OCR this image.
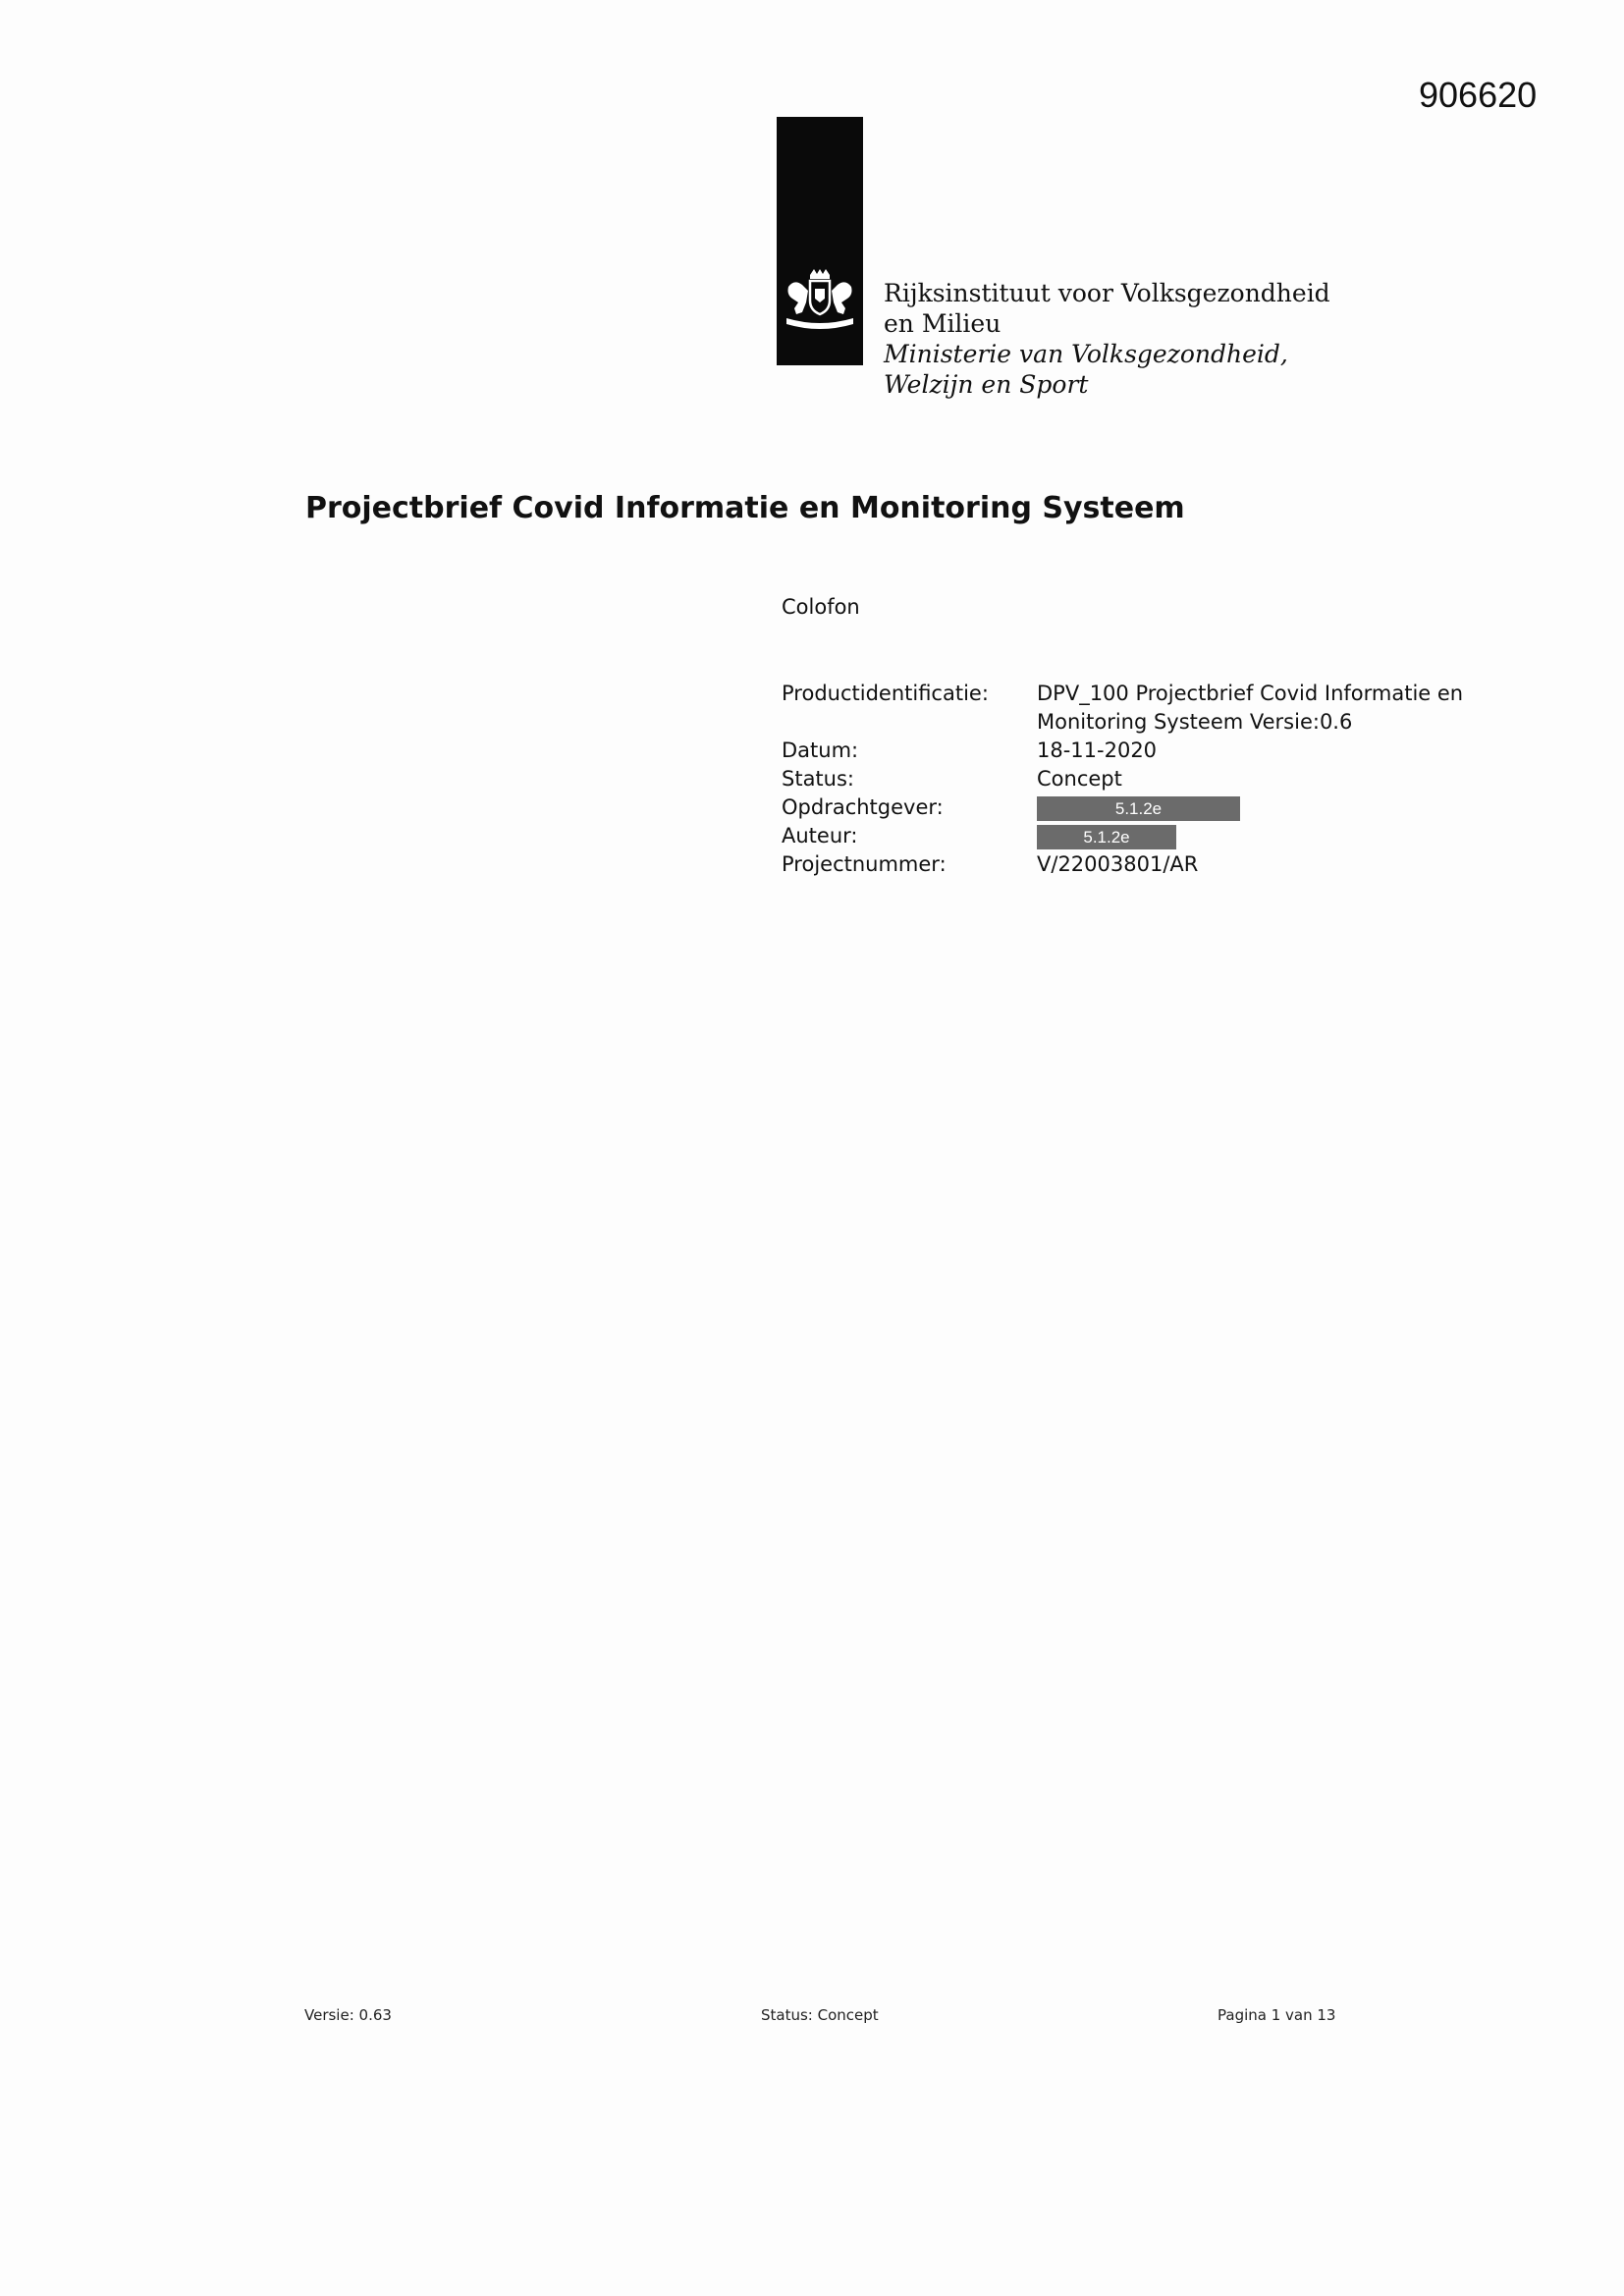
906620
Rijksinstituut voor Volksgezondheid
en Milieu
Ministerie van Volksgezondheid,
Welzijn en Sport
Projectbrief Covid Informatie en Monitoring Systeem
Colofon
Productidentificatie:	DPV_100 Projectbrief Covid Informatie en Monitoring Systeem Versie:0.6
Datum:	18-11-2020
Status:	Concept
Opdrachtgever:	5.1.2e
Auteur:	5.1.2e
Projectnummer:	V/22003801/AR
Versie: 0.63	Status: Concept	Pagina 1 van 13
